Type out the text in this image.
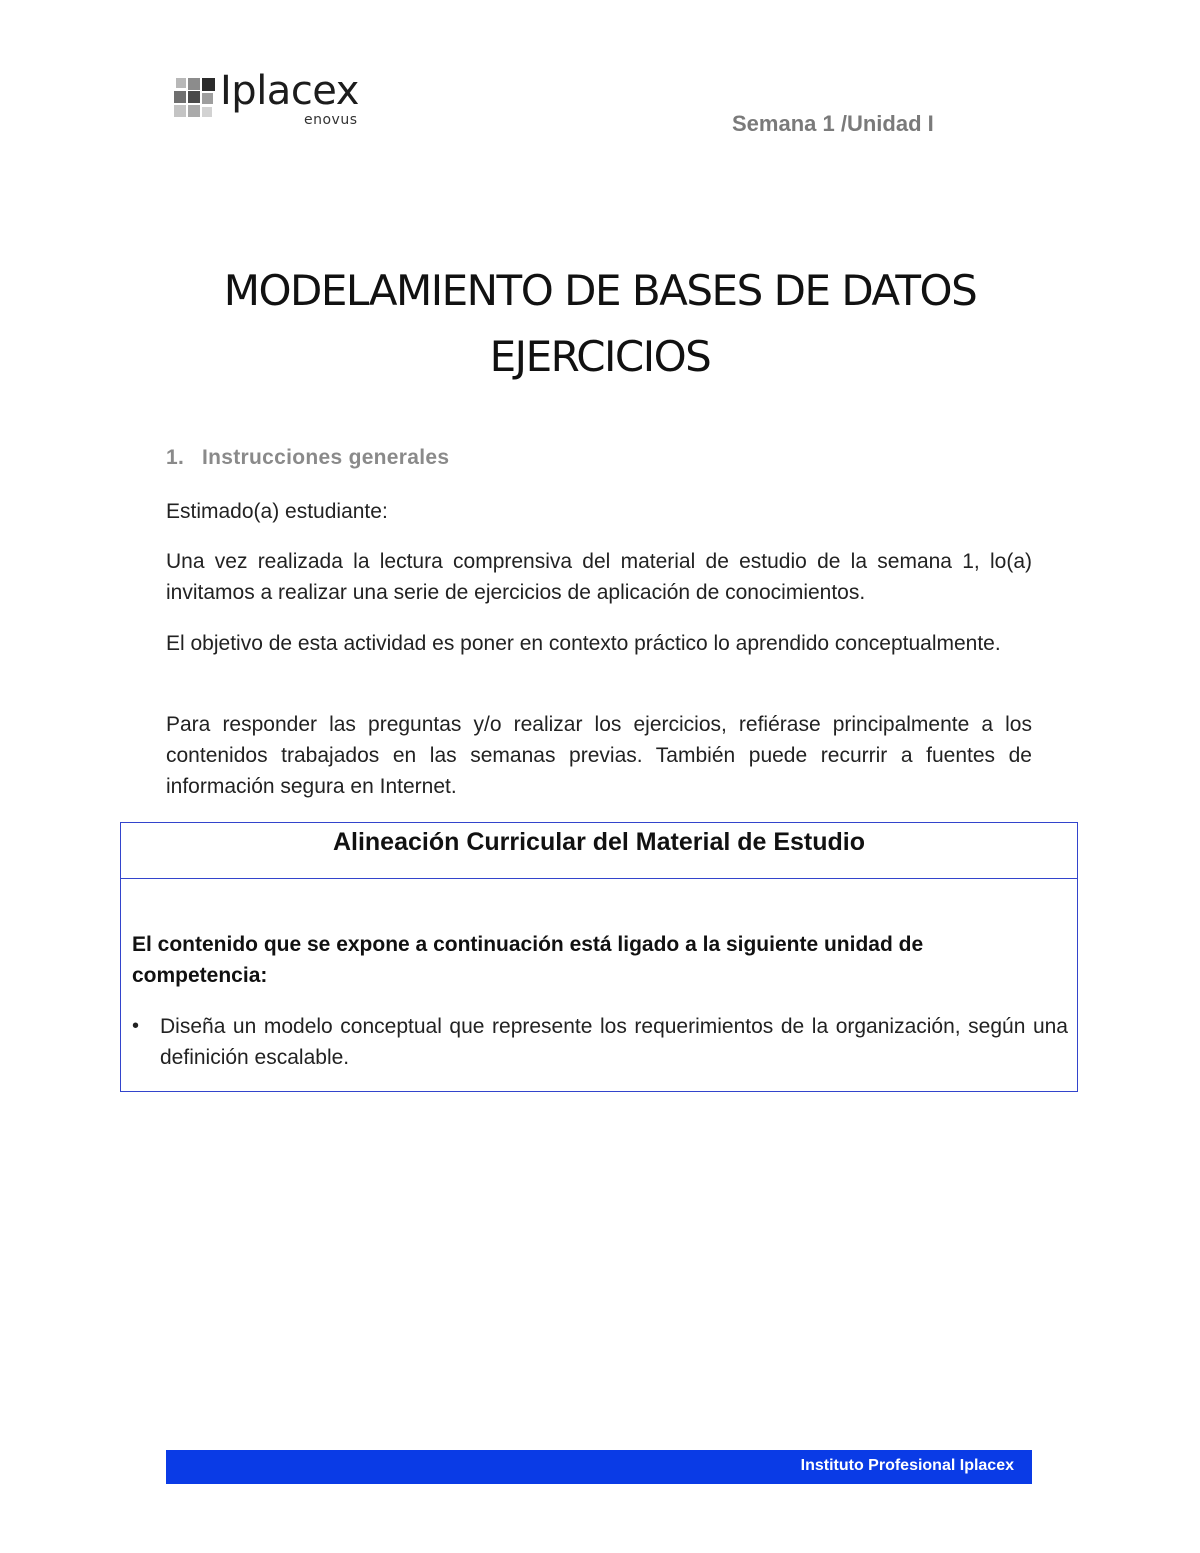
Iplacex
enovus	Semana 1 /Unidad I
MODELAMIENTO DE BASES DE DATOS
EJERCICIOS
1. Instrucciones generales

Estimado(a) estudiante:

Una vez realizada la lectura comprensiva del material de estudio de la semana 1, lo(a) invitamos a realizar una serie de ejercicios de aplicación de conocimientos.

El objetivo de esta actividad es poner en contexto práctico lo aprendido conceptualmente.

Para responder las preguntas y/o realizar los ejercicios, refiérase principalmente a los contenidos trabajados en las semanas previas. También puede recurrir a fuentes de información segura en Internet.

Alineación Curricular del Material de Estudio

El contenido que se expone a continuación está ligado a la siguiente unidad de competencia:

• Diseña un modelo conceptual que represente los requerimientos de la organización, según una definición escalable.
Instituto Profesional Iplacex
